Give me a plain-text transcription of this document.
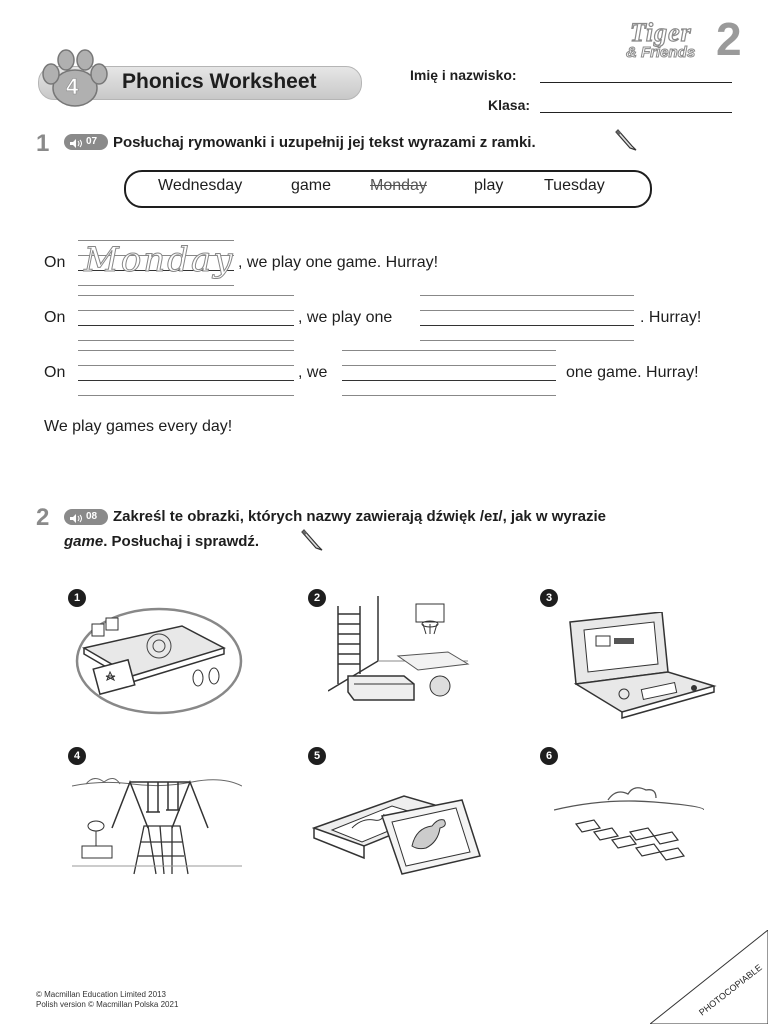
Tiger
& Friends 2
4 Phonics Worksheet	Imię i nazwisko:
Klasa:
1	07 Posłuchaj rymowanki i uzupełnij jej tekst wyrazami z ramki.
Wednesday	game Monday	play	Tuesday
On Monday , we play one game. Hurray!
On	, we play one	. Hurray!
On	, we	one game. Hurray!
We play games every day!
2	08 Zakreśl te obrazki, których nazwy zawierają dźwięk /eɪ/, jak w wyrazie
game. Posłuchaj i sprawdź.
1	2	3
4	5	6
© Macmillan Education Limited 2013
Polish version © Macmillan Polska 2021	PHOTOCOPIABLE
